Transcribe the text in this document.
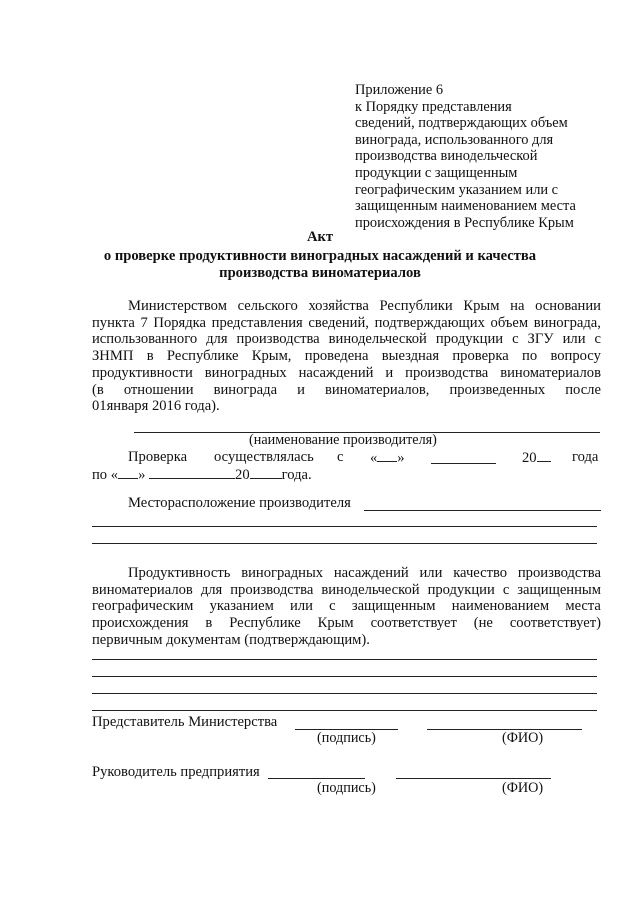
Приложение 6
к Порядку представления
сведений, подтверждающих объем
винограда, использованного для
производства винодельческой
продукции с защищенным
географическим указанием или с
защищенным наименованием места
происхождения в Республике Крым
Акт
о проверке продуктивности виноградных насаждений и качества
производства виноматериалов
Министерством сельского хозяйства Республики Крым на основании
пункта 7 Порядка представления сведений, подтверждающих объем винограда,
использованного для производства винодельческой продукции с ЗГУ или с
ЗНМП в Республике Крым, проведена выездная проверка по вопросу
продуктивности виноградных насаждений и производства виноматериалов
(в отношении винограда и виноматериалов, произведенных после
01января 2016 года).
(наименование производителя)
Проверка осуществлялась с « »	20	года
по « »	20 года.
Месторасположение производителя
Продуктивность виноградных насаждений или качество производства
виноматериалов для производства винодельческой продукции с защищенным
географическим указанием или с защищенным наименованием места
происхождения в Республике Крым соответствует (не соответствует)
первичным документам (подтверждающим).
Представитель Министерства
(подпись)	(ФИО)
Руководитель предприятия
(подпись)	(ФИО)
